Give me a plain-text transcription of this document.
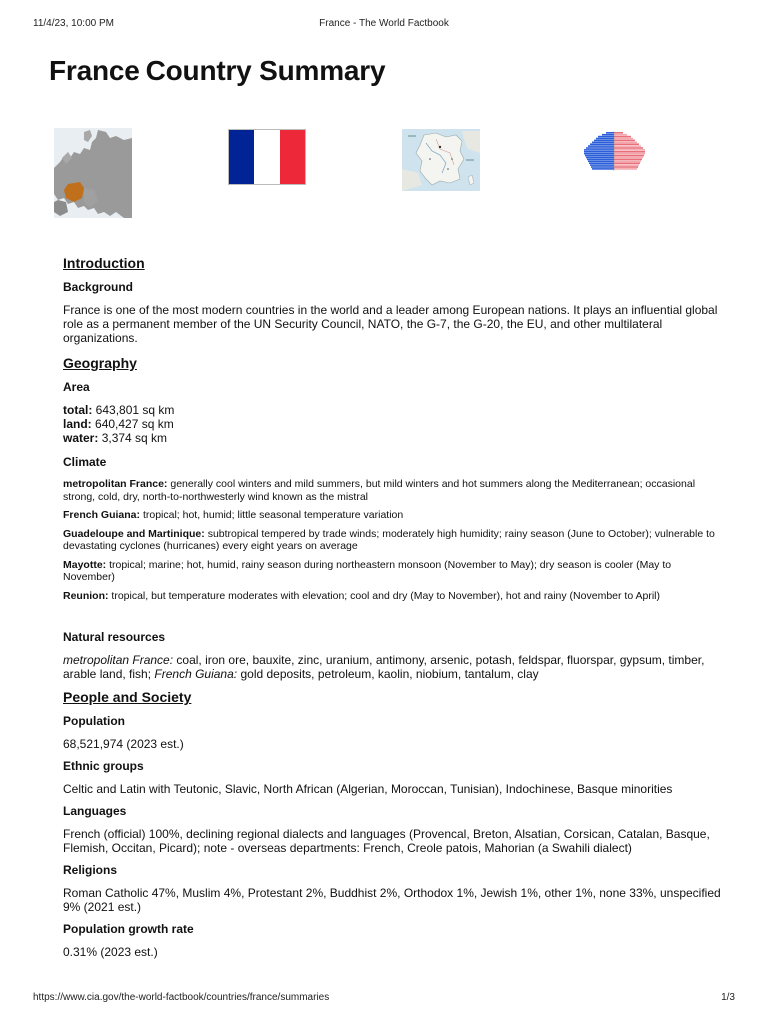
11/4/23, 10:00 PM	France - The World Factbook
France Country Summary
Introduction
Background
France is one of the most modern countries in the world and a leader among European nations. It plays an influential global role as a permanent member of the UN Security Council, NATO, the G-7, the G-20, the EU, and other multilateral organizations.
Geography
Area
total: 643,801 sq km
land: 640,427 sq km
water: 3,374 sq km
Climate
metropolitan France: generally cool winters and mild summers, but mild winters and hot summers along the Mediterranean; occasional strong, cold, dry, north-to-northwesterly wind known as the mistral
French Guiana: tropical; hot, humid; little seasonal temperature variation
Guadeloupe and Martinique: subtropical tempered by trade winds; moderately high humidity; rainy season (June to October); vulnerable to devastating cyclones (hurricanes) every eight years on average
Mayotte: tropical; marine; hot, humid, rainy season during northeastern monsoon (November to May); dry season is cooler (May to November)
Reunion: tropical, but temperature moderates with elevation; cool and dry (May to November), hot and rainy (November to April)
Natural resources
metropolitan France: coal, iron ore, bauxite, zinc, uranium, antimony, arsenic, potash, feldspar, fluorspar, gypsum, timber, arable land, fish; French Guiana: gold deposits, petroleum, kaolin, niobium, tantalum, clay
People and Society
Population
68,521,974 (2023 est.)
Ethnic groups
Celtic and Latin with Teutonic, Slavic, North African (Algerian, Moroccan, Tunisian), Indochinese, Basque minorities
Languages
French (official) 100%, declining regional dialects and languages (Provencal, Breton, Alsatian, Corsican, Catalan, Basque, Flemish, Occitan, Picard); note - overseas departments: French, Creole patois, Mahorian (a Swahili dialect)
Religions
Roman Catholic 47%, Muslim 4%, Protestant 2%, Buddhist 2%, Orthodox 1%, Jewish 1%, other 1%, none 33%, unspecified 9% (2021 est.)
Population growth rate
0.31% (2023 est.)
https://www.cia.gov/the-world-factbook/countries/france/summaries	1/3
